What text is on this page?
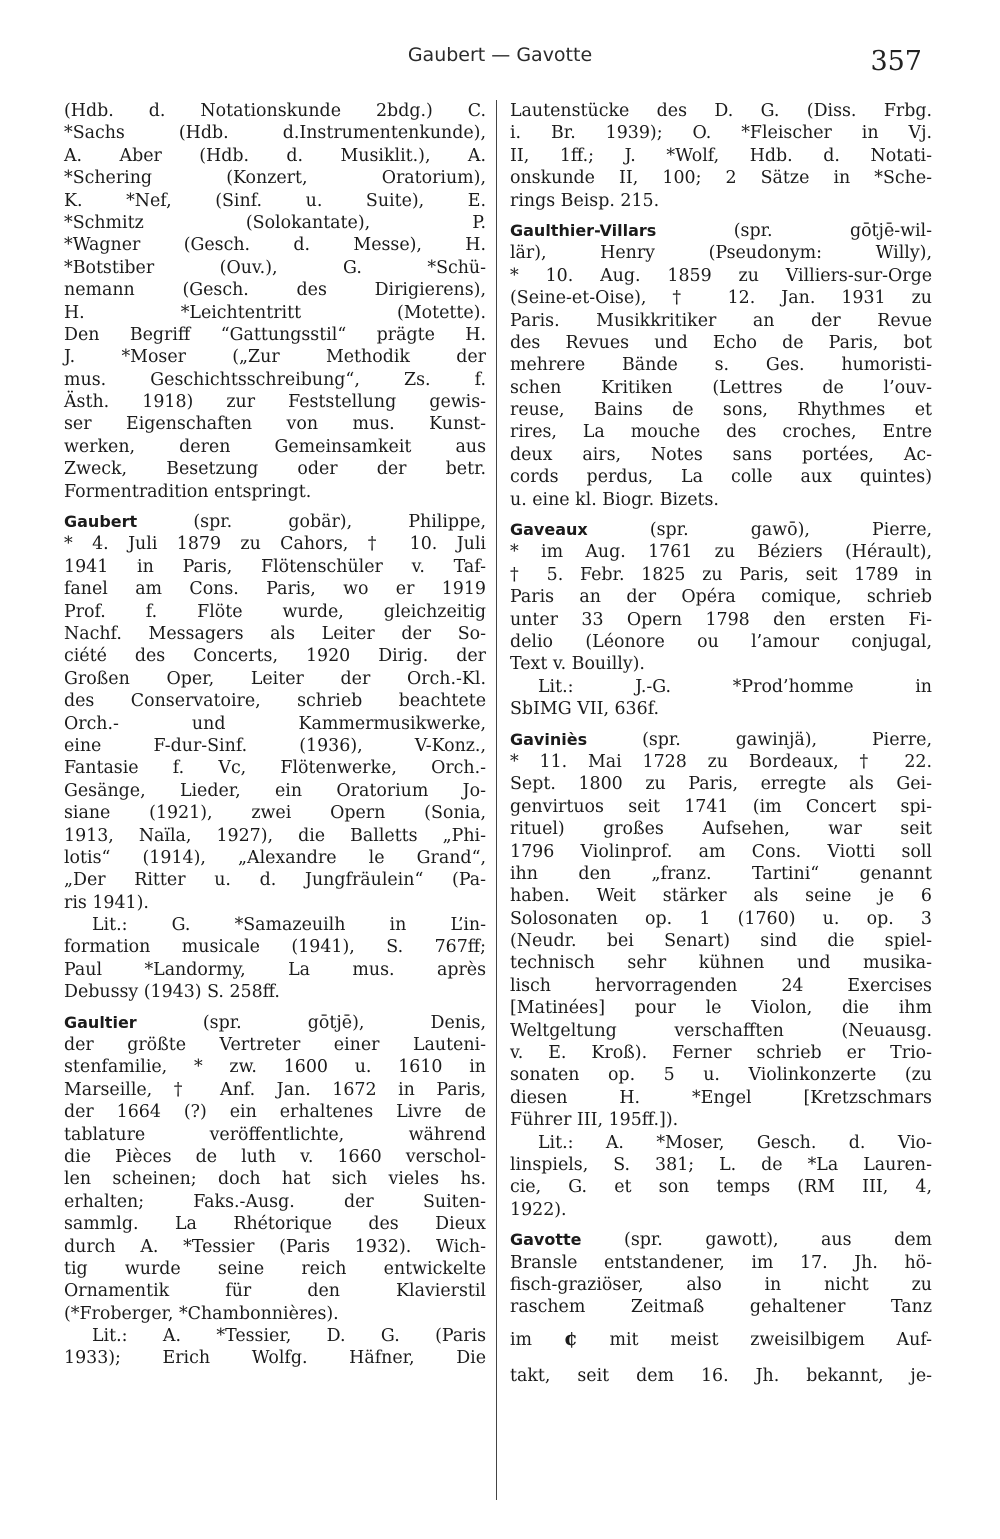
Gaubert — Gavotte	357
(Hdb. d. Notationskunde 2bdg.) C.
*Sachs (Hdb. d.Instrumentenkunde),
A. Aber (Hdb. d. Musiklit.), A.
*Schering (Konzert, Oratorium),
K. *Nef, (Sinf. u. Suite), E.
*Schmitz (Solokantate), P.
*Wagner (Gesch. d. Messe), H.
*Botstiber (Ouv.), G. *Schü-
nemann (Gesch. des Dirigierens),
H. *Leichtentritt (Motette).
Den Begriff “Gattungsstil“ prägte H.
J. *Moser („Zur Methodik der
mus. Geschichtsschreibung“, Zs. f.
Ästh. 1918) zur Feststellung gewis-
ser Eigenschaften von mus. Kunst-
werken, deren Gemeinsamkeit aus
Zweck, Besetzung oder der betr.
Formentradition entspringt.
Gaubert	(spr. gobär), Philippe,
* 4. Juli 1879 zu Cahors, † 10. Juli
1941 in Paris, Flötenschüler v. Taf-
fanel am Cons. Paris, wo er 1919
Prof. f. Flöte wurde, gleichzeitig
Nachf. Messagers als Leiter der So-
ciété des Concerts, 1920 Dirig. der
Großen Oper, Leiter der Orch.-Kl.
des Conservatoire, schrieb beachtete
Orch.- und Kammermusikwerke,
eine F-dur-Sinf. (1936), V-Konz.,
Fantasie f. Vc, Flötenwerke, Orch.-
Gesänge, Lieder, ein Oratorium Jo-
siane (1921), zwei Opern (Sonia,
1913, Naïla, 1927), die Balletts „Phi-
lotis“ (1914), „Alexandre le Grand“,
„Der Ritter u. d. Jungfräulein“ (Pa-
ris 1941).
Lit.: G. *Samazeuilh in L’in-
formation musicale (1941), S. 767ff;
Paul *Landormy, La mus. après
Debussy (1943) S. 258ff.
Gaultier	(spr. gōtjē), Denis,
der größte Vertreter einer Lauteni-
stenfamilie, * zw. 1600 u. 1610 in
Marseille, † Anf. Jan. 1672 in Paris,
der 1664 (?) ein erhaltenes Livre de
tablature veröffentlichte, während
die Pièces de luth v. 1660 verschol-
len scheinen; doch hat sich vieles hs.
erhalten; Faks.-Ausg. der Suiten-
sammlg. La Rhétorique des Dieux
durch A. *Tessier (Paris 1932). Wich-
tig wurde seine reich entwickelte
Ornamentik für den Klavierstil
(*Froberger, *Chambonnières).
Lit.: A. *Tessier, D. G. (Paris
1933); Erich Wolfg. Häfner, Die
Lautenstücke des D. G. (Diss. Frbg.
i. Br. 1939); O. *Fleischer in Vj.
II, 1ff.; J. *Wolf, Hdb. d. Notati-
onskunde II, 100; 2 Sätze in *Sche-
rings Beisp. 215.
Gaulthier-Villars	(spr. gōtjē-wil-
lär), Henry (Pseudonym: Willy),
* 10. Aug. 1859 zu Villiers-sur-Orge
(Seine-et-Oise), † 12. Jan. 1931 zu
Paris. Musikkritiker an der Revue
des Revues und Echo de Paris, bot
mehrere Bände s. Ges. humoristi-
schen Kritiken (Lettres de l’ouv-
reuse, Bains de sons, Rhythmes et
rires, La mouche des croches, Entre
deux airs, Notes sans portées, Ac-
cords perdus, La colle aux quintes)
u. eine kl. Biogr. Bizets.
Gaveaux	(spr. gawō), Pierre,
* im Aug. 1761 zu Béziers (Hérault),
† 5. Febr. 1825 zu Paris, seit 1789 in
Paris an der Opéra comique, schrieb
unter 33 Opern 1798 den ersten Fi-
delio (Léonore ou l’amour conjugal,
Text v. Bouilly).
Lit.: J.-G. *Prod’homme in
SbIMG VII, 636f.
Gaviniès	(spr. gawinjä), Pierre,
* 11. Mai 1728 zu Bordeaux, † 22.
Sept. 1800 zu Paris, erregte als Gei-
genvirtuos seit 1741 (im Concert spi-
rituel) großes Aufsehen, war seit
1796 Violinprof. am Cons. Viotti soll
ihn den „franz. Tartini“ genannt
haben. Weit stärker als seine je 6
Solosonaten op. 1 (1760) u. op. 3
(Neudr. bei Senart) sind die spiel-
technisch sehr kühnen und musika-
lisch hervorragenden 24 Exercises
[Matinées] pour le Violon, die ihm
Weltgeltung verschafften (Neuausg.
v. E. Kroß). Ferner schrieb er Trio-
sonaten op. 5 u. Violinkonzerte (zu
diesen H. *Engel [Kretzschmars
Führer III, 195ff.]).
Lit.: A. *Moser, Gesch. d. Vio-
linspiels, S. 381; L. de *La Lauren-
cie, G. et son temps (RM III, 4,
1922).
Gavotte (spr. gawott), aus dem
Bransle entstandener, im 17. Jh. hö-
fisch-graziöser, also in nicht zu
raschem Zeitmaß gehaltener Tanz
im ¢ mit meist zweisilbigem Auf-
takt, seit dem 16. Jh. bekannt, je-
